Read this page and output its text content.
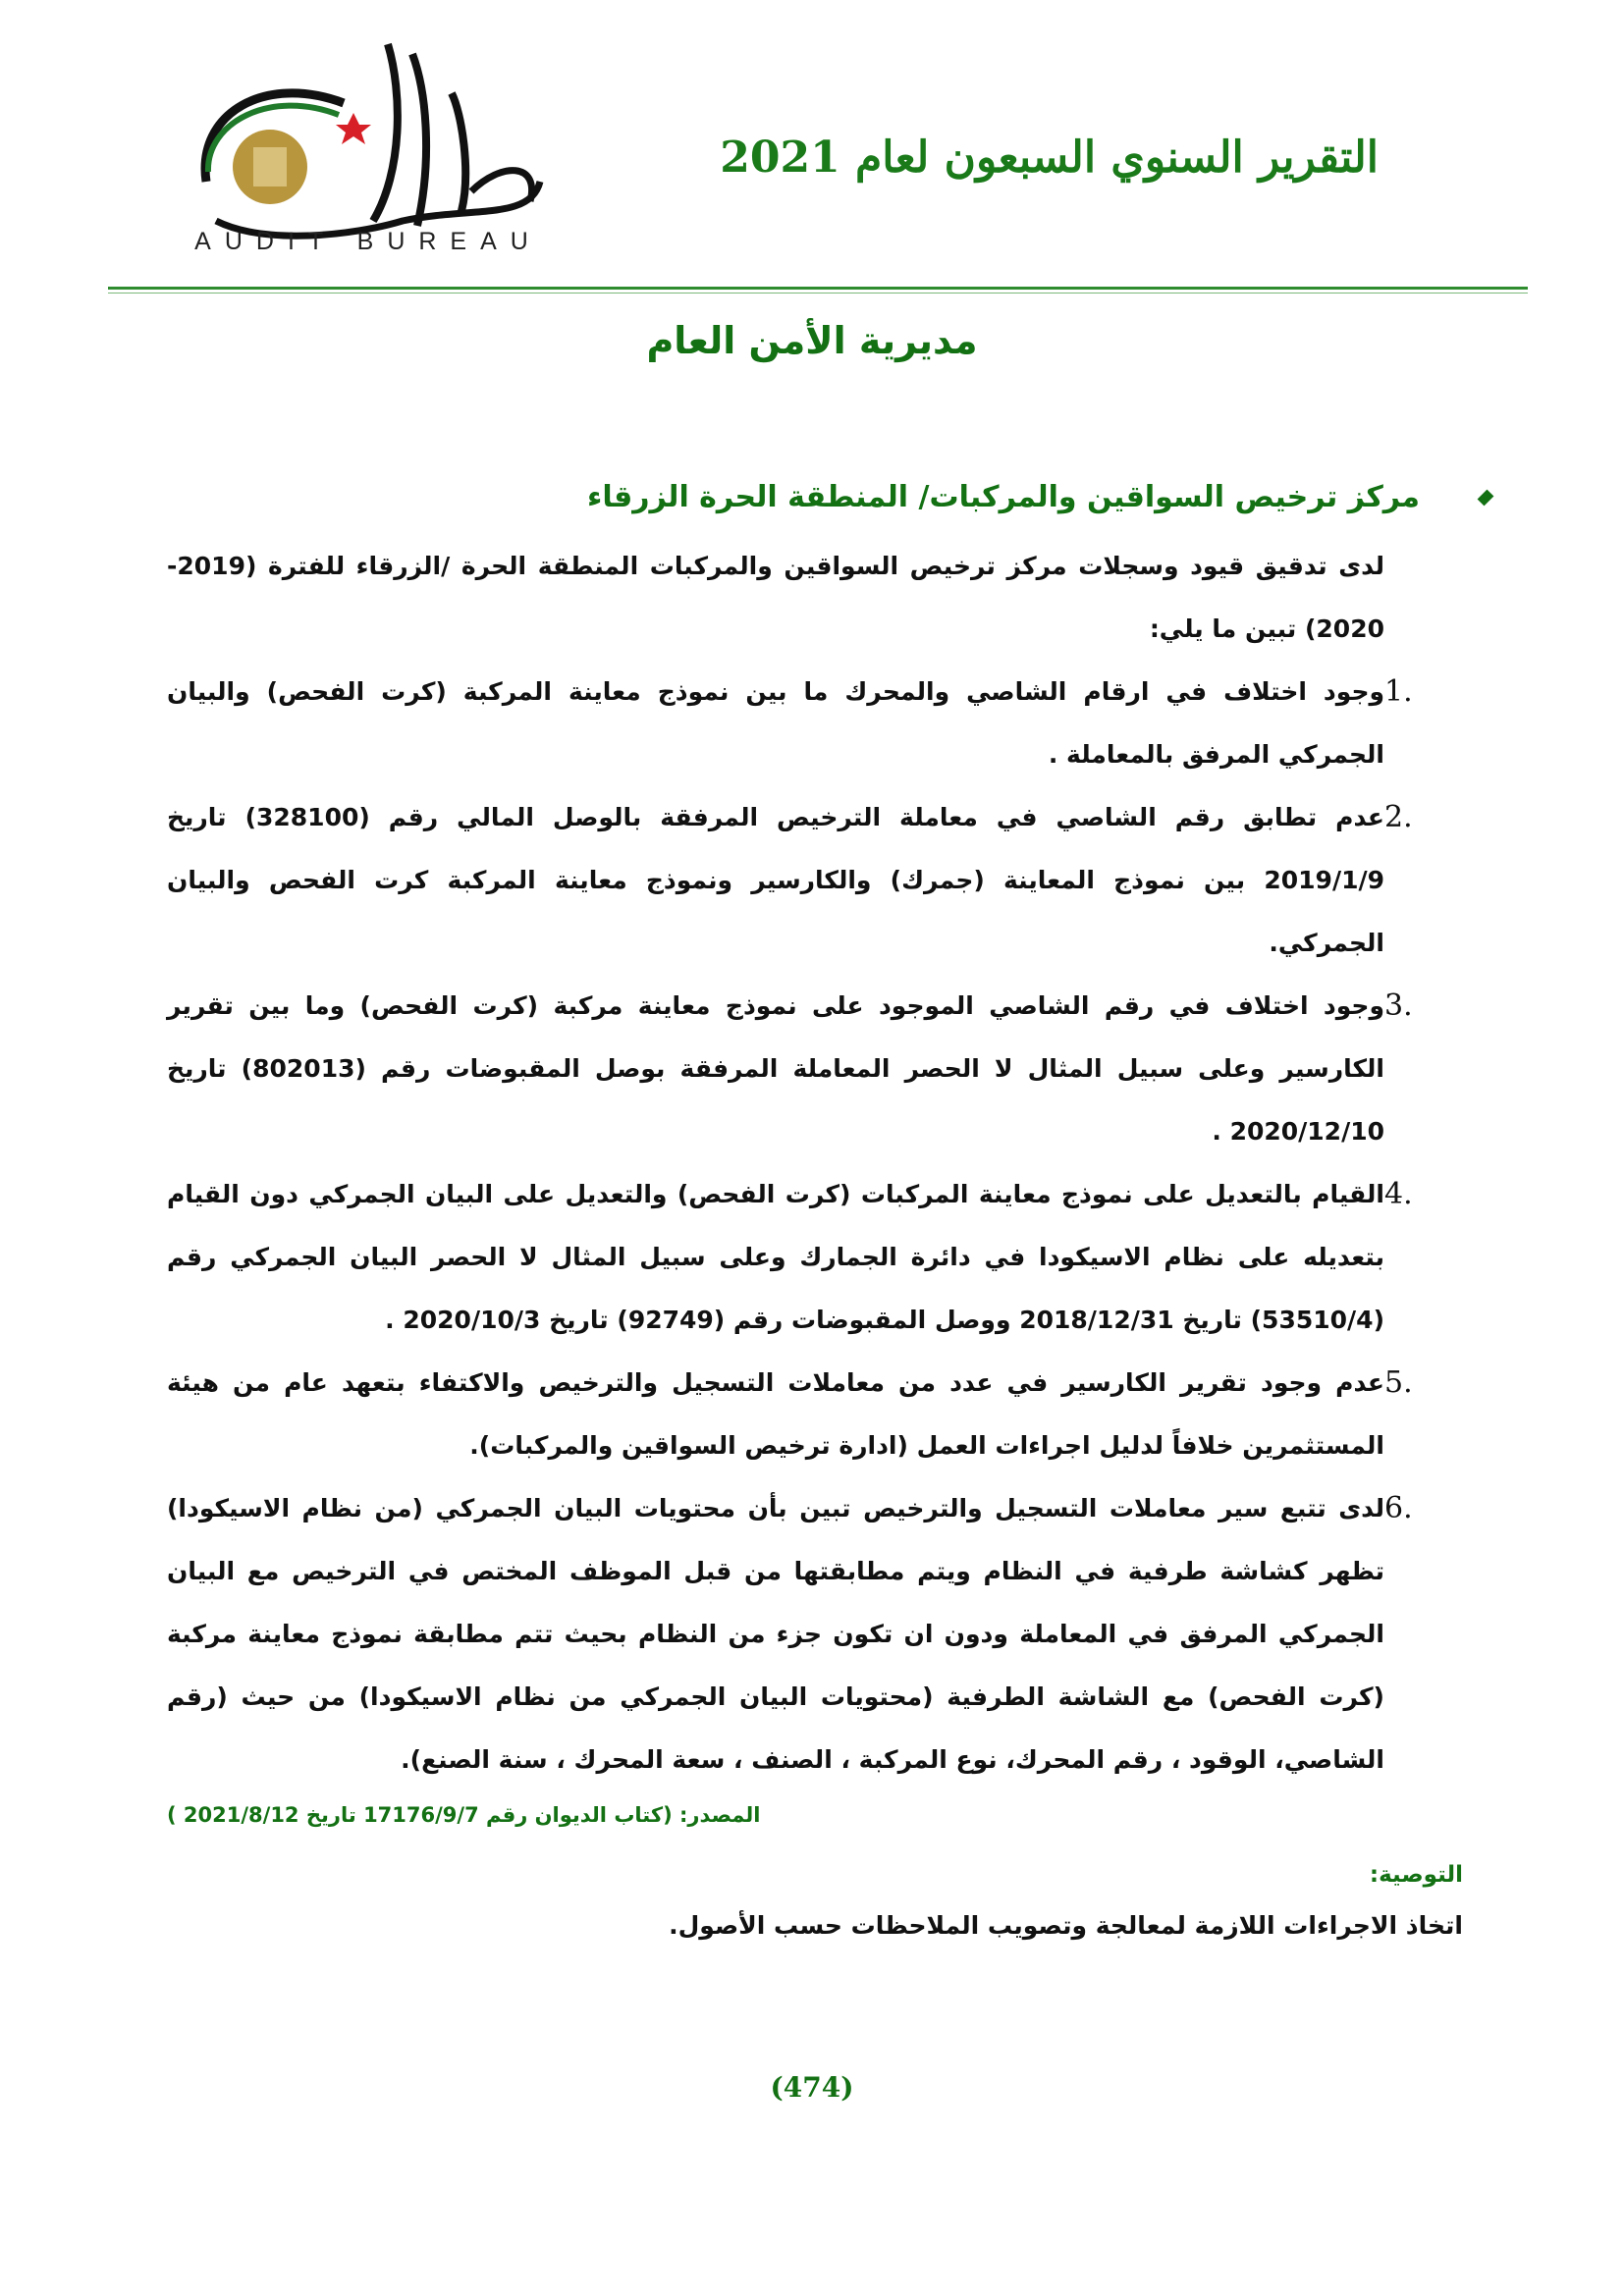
AUDIT BUREAU
التقرير السنوي السبعون لعام 2021
مديرية الأمن العام
مركز ترخيص السواقين والمركبات/ المنطقة الحرة الزرقاء
لدى تدقيق قيود وسجلات مركز ترخيص السواقين والمركبات المنطقة الحرة /الزرقاء للفترة (2019- 2020) تبين ما يلي:
1.
وجود اختلاف في ارقام الشاصي والمحرك ما بين نموذج معاينة المركبة (كرت الفحص) والبيان الجمركي المرفق بالمعاملة .
2.
عدم تطابق رقم الشاصي في معاملة الترخيص المرفقة بالوصل المالي رقم (328100) تاريخ 2019/1/9 بين نموذج المعاينة (جمرك) والكارسير ونموذج معاينة المركبة كرت الفحص والبيان الجمركي.
3.
وجود اختلاف في رقم الشاصي الموجود على نموذج معاينة مركبة (كرت الفحص) وما بين تقرير الكارسير وعلى سبيل المثال لا الحصر المعاملة المرفقة بوصل المقبوضات رقم (802013) تاريخ 2020/12/10 .
4.
القيام بالتعديل على نموذج معاينة المركبات (كرت الفحص) والتعديل على البيان الجمركي دون القيام بتعديله على نظام الاسيكودا في دائرة الجمارك وعلى سبيل المثال لا الحصر البيان الجمركي رقم (53510/4) تاريخ 2018/12/31 ووصل المقبوضات رقم (92749) تاريخ 2020/10/3 .
5.
عدم وجود تقرير الكارسير في عدد من معاملات التسجيل والترخيص والاكتفاء بتعهد عام من هيئة المستثمرين خلافاً لدليل اجراءات العمل (ادارة ترخيص السواقين والمركبات).
6.
لدى تتبع سير معاملات التسجيل والترخيص تبين بأن محتويات البيان الجمركي (من نظام الاسيكودا) تظهر كشاشة طرفية في النظام ويتم مطابقتها من قبل الموظف المختص في الترخيص مع البيان الجمركي المرفق في المعاملة ودون ان تكون جزء من النظام بحيث تتم مطابقة نموذج معاينة مركبة (كرت الفحص) مع الشاشة الطرفية (محتويات البيان الجمركي من نظام الاسيكودا) من حيث (رقم الشاصي، الوقود ، رقم المحرك، نوع المركبة ، الصنف ، سعة المحرك ، سنة الصنع).
المصدر: (كتاب الديوان رقم 17176/9/7 تاريخ 2021/8/12 )
التوصية:
اتخاذ الاجراءات اللازمة لمعالجة وتصويب الملاحظات حسب الأصول.
(474)
